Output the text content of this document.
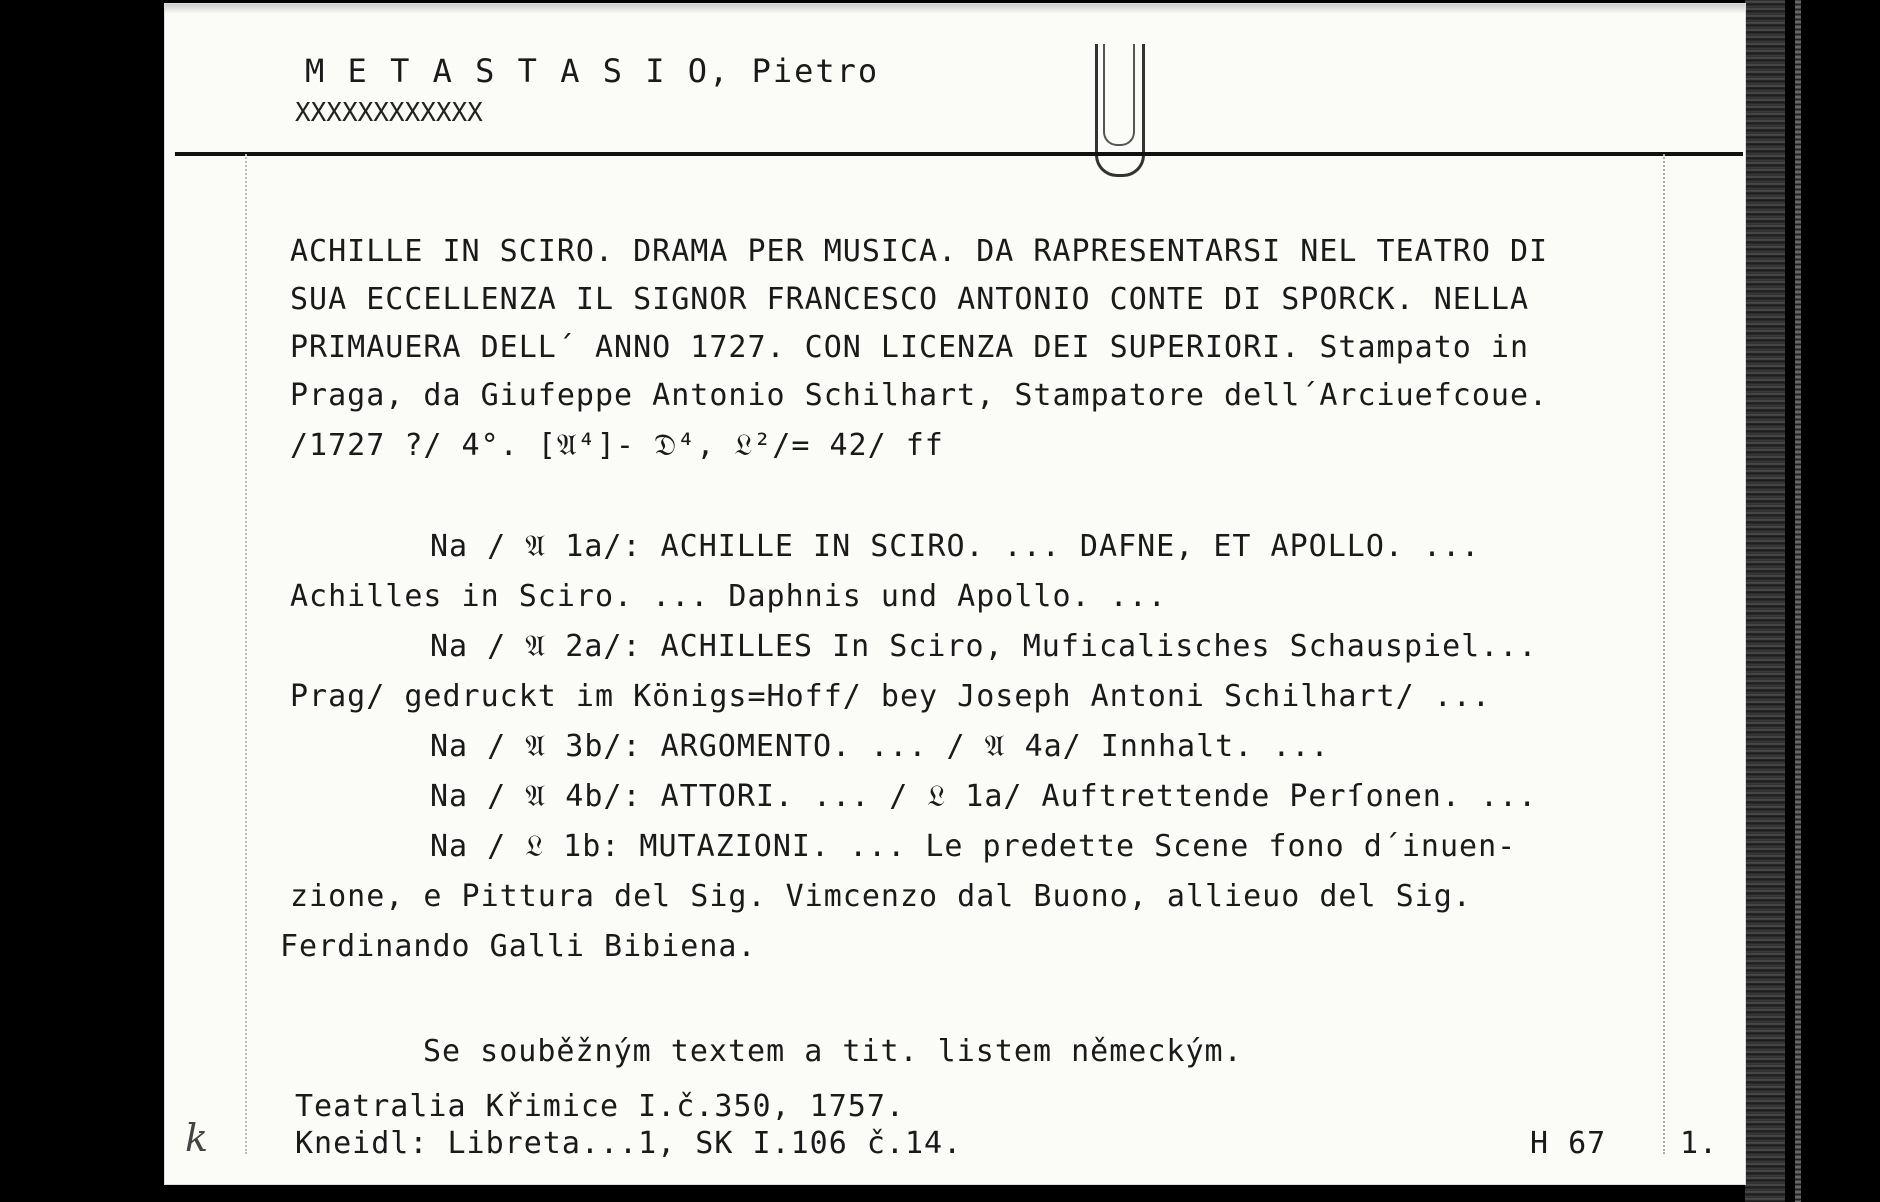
M E T A S T A S I O, Pietro
XXXXXXXXXXXX
ACHILLE IN SCIRO. DRAMA PER MUSICA. DA RAPRESENTARSI NEL TEATRO DI
SUA ECCELLENZA IL SIGNOR FRANCESCO ANTONIO CONTE DI SPORCK. NELLA
PRIMAUERA DELL´ ANNO 1727. CON LICENZA DEI SUPERIORI. Stampato in
Praga, da Giufeppe Antonio Schilhart, Stampatore dell´Arciuefcoue.
/1727 ?/ 4°. [𝔄⁴]- 𝔇⁴, 𝔏²/= 42/ ff
Na / 𝔄 1a/: ACHILLE IN SCIRO. ... DAFNE, ET APOLLO. ...
Achilles in Sciro. ... Daphnis und Apollo. ...
Na / 𝔄 2a/: ACHILLES In Sciro, Muficalisches Schauspiel...
Prag/ gedruckt im Königs=Hoff/ bey Joseph Antoni Schilhart/ ...
Na / 𝔄 3b/: ARGOMENTO. ... / 𝔄 4a/ Innhalt. ...
Na / 𝔄 4b/: ATTORI. ... / 𝔏 1a/ Auftrettende Perſonen. ...
Na / 𝔏 1b: MUTAZIONI. ... Le predette Scene fono d´inuen-
zione, e Pittura del Sig. Vimcenzo dal Buono, allieuo del Sig.
Ferdinando Galli Bibiena.
Se souběžným textem a tit. listem německým.
Teatralia Křimice I.č.350, 1757.
Kneidl: Libreta...1, SK I.106 č.14.	H 67 1.
k
